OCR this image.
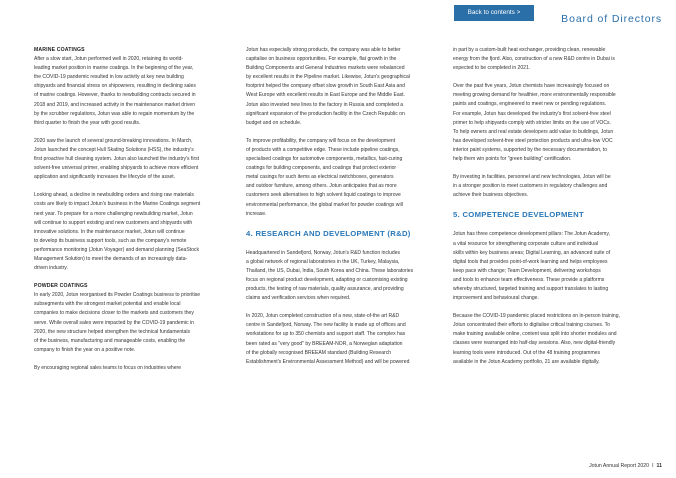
Back to contents >
Board of Directors
MARINE COATINGS
After a slow start, Jotun performed well in 2020, retaining its world-
leading market position in marine coatings. In the beginning of the year,
the COVID-19 pandemic resulted in low activity at key new building
shipyards and financial stress on shipowners, resulting in declining sales
of marine coatings. However, thanks to newbuilding contracts secured in
2018 and 2019, and increased activity in the maintenance market driven
by the scrubber regulations, Jotun was able to regain momentum by the
third quarter to finish the year with good results.
2020 saw the launch of several ground-breaking innovations. In March,
Jotun launched the concept Hull Skating Solutions (HSS), the industry's
first proactive hull cleaning system. Jotun also launched the industry's first
solvent-free universal primer, enabling shipyards to achieve more efficient
application and significantly increases the lifecycle of the asset.
Looking ahead, a decline in newbuilding orders and rising raw materials
costs are likely to impact Jotun's business in the Marine Coatings segment
next year. To prepare for a more challenging newbuilding market, Jotun
will continue to support existing and new customers and shipyards with
innovative solutions. In the maintenance market, Jotun will continue
to develop its business support tools, such as the company's remote
performance monitoring (Jotun Voyager) and demand planning (SeaStock
Management Solution) to meet the demands of an increasingly data-
driven industry.
POWDER COATINGS
In early 2020, Jotun reorganised its Powder Coatings business to prioritise
subsegments with the strongest market potential and enable local
companies to make decisions closer to the markets and customers they
serve. While overall sales were impacted by the COVID-19 pandemic in
2020, the new structure helped strengthen the technical fundamentals
of the business, manufacturing and manageable costs, enabling the
company to finish the year on a positive note.
By encouraging regional sales teams to focus on industries where
Jotun has especially strong products, the company was able to better
capitalise on business opportunities. For example, flat growth in the
Building Components and General Industries markets were rebalanced
by excellent results in the Pipeline market. Likewise, Jotun's geographical
footprint helped the company offset slow growth in South East Asia and
West Europe with excellent results in East Europe and the Middle East.
Jotun also invested new lines to the factory in Russia and completed a
significant expansion of the production facility in the Czech Republic on
budget and on schedule.
To improve profitability, the company will focus on the development
of products with a competitive edge. These include pipeline coatings,
specialised coatings for automotive components, metallics, fast-curing
coatings for building components, and coatings that protect exterior
metal casings for such items as electrical switchboxes, generators
and outdoor furniture, among others. Jotun anticipates that as more
customers seek alternatives to high solvent liquid coatings to improve
environmental performance, the global market for powder coatings will
increase.
4. RESEARCH AND DEVELOPMENT (R&D)
Headquartered in Sandefjord, Norway, Jotun's R&D function includes
a global network of regional laboratories in the UK, Turkey, Malaysia,
Thailand, the US, Dubai, India, South Korea and China. These laboratories
focus on regional product development, adapting or customising existing
products, the testing of raw materials, quality assurance, and providing
claims and verification services when required.
In 2020, Jotun completed construction of a new, state-of-the art R&D
centre in Sandefjord, Norway. The new facility is made up of offices and
workstations for up to 350 chemists and support staff. The complex has
been rated as "very good" by BREEAM-NOR, a Norwegian adaptation
of the globally recognised BREEAM standard (Building Research
Establishment's Environmental Assessment Method) and will be powered
in part by a custom-built heat exchanger, providing clean, renewable
energy from the fjord. Also, construction of a new R&D centre in Dubai is
expected to be completed in 2021.
Over the past five years, Jotun chemists have increasingly focused on
meeting growing demand for healthier, more environmentally responsible
paints and coatings, engineered to meet new or pending regulations.
For example, Jotun has developed the industry's first solvent-free steel
primer to help shipyards comply with stricter limits on the use of VOCs.
To help owners and real estate developers add value to buildings, Jotun
has developed solvent-free steel protection products and ultra-low VOC
interior paint systems, supported by the necessary documentation, to
help them win points for "green building" certification.
By investing in facilities, personnel and new technologies, Jotun will be
in a stronger position to meet customers in regulatory challenges and
achieve their business objectives.
5. COMPETENCE DEVELOPMENT
Jotun has three competence development pillars: The Jotun Academy,
a vital resource for strengthening corporate culture and individual
skills within key business areas; Digital Learning, an advanced suite of
digital tools that provides point-of-work learning and helps employees
keep pace with change; Team Development, delivering workshops
and tools to enhance team effectiveness. These provide a platforms
whereby structured, targeted training and support translates to lasting
improvement and behavioural change.
Because the COVID-19 pandemic placed restrictions on in-person training,
Jotun concentrated their efforts to digitalise critical training courses. To
make training available online, content was split into shorter modules and
classes were rearranged into half-day sessions. Also, new digital-friendly
learning tools were introduced. Out of the 48 training programmes
available in the Jotun Academy portfolio, 21 are available digitally.
Jotun Annual Report 2020 I 11
